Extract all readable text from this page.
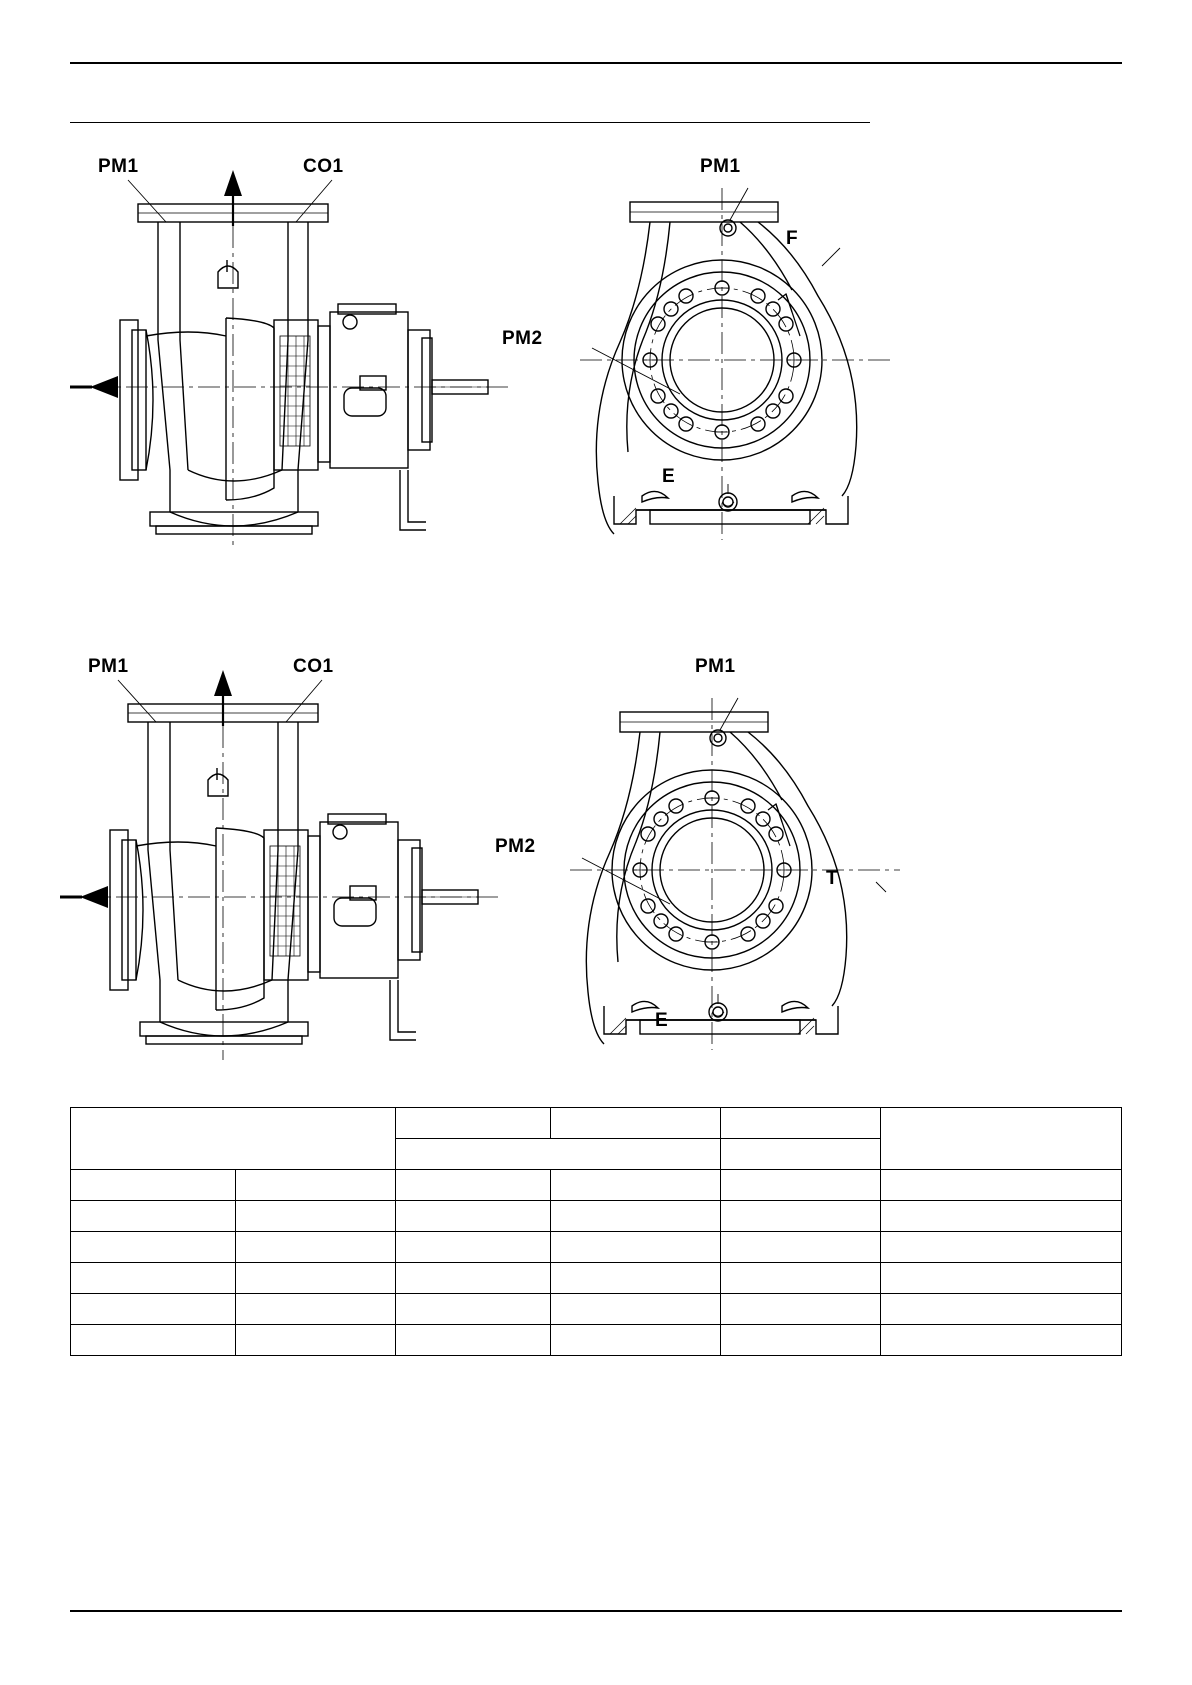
PM1	CO1	PM1
F
PM2
E
PM1	CO1	PM1
PM2
T
E
